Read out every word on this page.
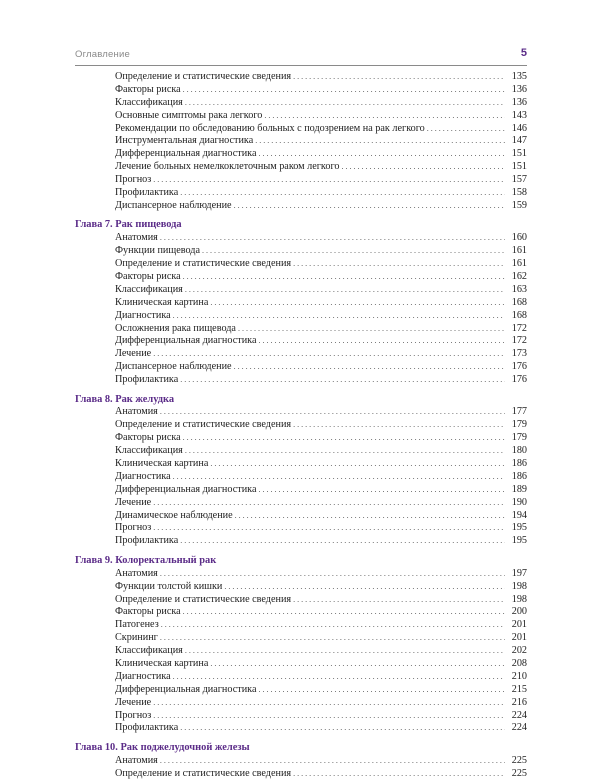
Оглавление	5
Определение и статистические сведения . . .	135
Факторы риска . . .	136
Классификация . . .	136
Основные симптомы рака легкого . . .	143
Рекомендации по обследованию больных с подозрением на рак легкого . . .	146
Инструментальная диагностика . . .	147
Дифференциальная диагностика . . .	151
Лечение больных немелкоклеточным раком легкого . . .	151
Прогноз . . .	157
Профилактика . . .	158
Диспансерное наблюдение . . .	159
Глава 7. Рак пищевода
Анатомия . . .	160
Функции пищевода . . .	161
Определение и статистические сведения . . .	161
Факторы риска . . .	162
Классификация . . .	163
Клиническая картина . . .	168
Диагностика . . .	168
Осложнения рака пищевода . . .	172
Дифференциальная диагностика . . .	172
Лечение . . .	173
Диспансерное наблюдение . . .	176
Профилактика . . .	176
Глава 8. Рак желудка
Анатомия . . .	177
Определение и статистические сведения . . .	179
Факторы риска . . .	179
Классификация . . .	180
Клиническая картина . . .	186
Диагностика . . .	186
Дифференциальная диагностика . . .	189
Лечение . . .	190
Динамическое наблюдение . . .	194
Прогноз . . .	195
Профилактика . . .	195
Глава 9. Колоректальный рак
Анатомия . . .	197
Функции толстой кишки . . .	198
Определение и статистические сведения . . .	198
Факторы риска . . .	200
Патогенез . . .	201
Скрининг . . .	201
Классификация . . .	202
Клиническая картина . . .	208
Диагностика . . .	210
Дифференциальная диагностика . . .	215
Лечение . . .	216
Прогноз . . .	224
Профилактика . . .	224
Глава 10. Рак поджелудочной железы
Анатомия . . .	225
Определение и статистические сведения . . .	225
